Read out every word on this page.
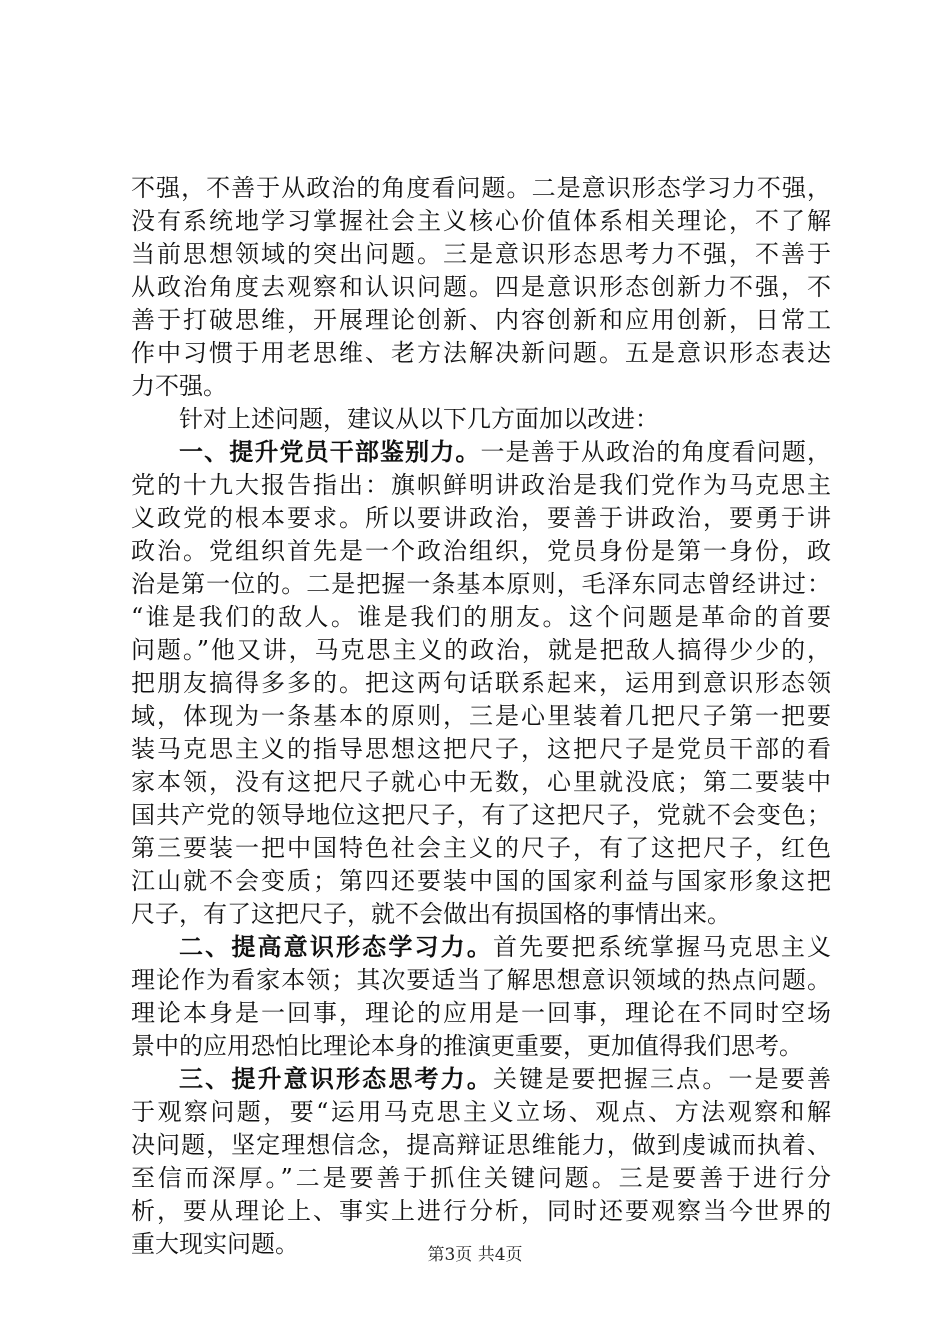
不强，不善于从政治的角度看问题。二是意识形态学习力不强，
没有系统地学习掌握社会主义核心价值体系相关理论，不了解
当前思想领域的突出问题。三是意识形态思考力不强，不善于
从政治角度去观察和认识问题。四是意识形态创新力不强，不
善于打破思维，开展理论创新、内容创新和应用创新，日常工
作中习惯于用老思维、老方法解决新问题。五是意识形态表达
力不强。
针对上述问题，建议从以下几方面加以改进：
一、提升党员干部鉴别力。一是善于从政治的角度看问题，
党的十九大报告指出：旗帜鲜明讲政治是我们党作为马克思主
义政党的根本要求。所以要讲政治，要善于讲政治，要勇于讲
政治。党组织首先是一个政治组织，党员身份是第一身份，政
治是第一位的。二是把握一条基本原则，毛泽东同志曾经讲过：
“谁是我们的敌人。谁是我们的朋友。这个问题是革命的首要
问题。”他又讲，马克思主义的政治，就是把敌人搞得少少的，
把朋友搞得多多的。把这两句话联系起来，运用到意识形态领
域，体现为一条基本的原则，三是心里装着几把尺子第一把要
装马克思主义的指导思想这把尺子，这把尺子是党员干部的看
家本领，没有这把尺子就心中无数，心里就没底；第二要装中
国共产党的领导地位这把尺子，有了这把尺子，党就不会变色；
第三要装一把中国特色社会主义的尺子，有了这把尺子，红色
江山就不会变质；第四还要装中国的国家利益与国家形象这把
尺子，有了这把尺子，就不会做出有损国格的事情出来。
二、提高意识形态学习力。首先要把系统掌握马克思主义
理论作为看家本领；其次要适当了解思想意识领域的热点问题。
理论本身是一回事，理论的应用是一回事，理论在不同时空场
景中的应用恐怕比理论本身的推演更重要，更加值得我们思考。
三、提升意识形态思考力。关键是要把握三点。一是要善
于观察问题，要“运用马克思主义立场、观点、方法观察和解
决问题，坚定理想信念，提高辩证思维能力，做到虔诚而执着、
至信而深厚。”二是要善于抓住关键问题。三是要善于进行分
析，要从理论上、事实上进行分析，同时还要观察当今世界的
重大现实问题。	第3页 共4页
